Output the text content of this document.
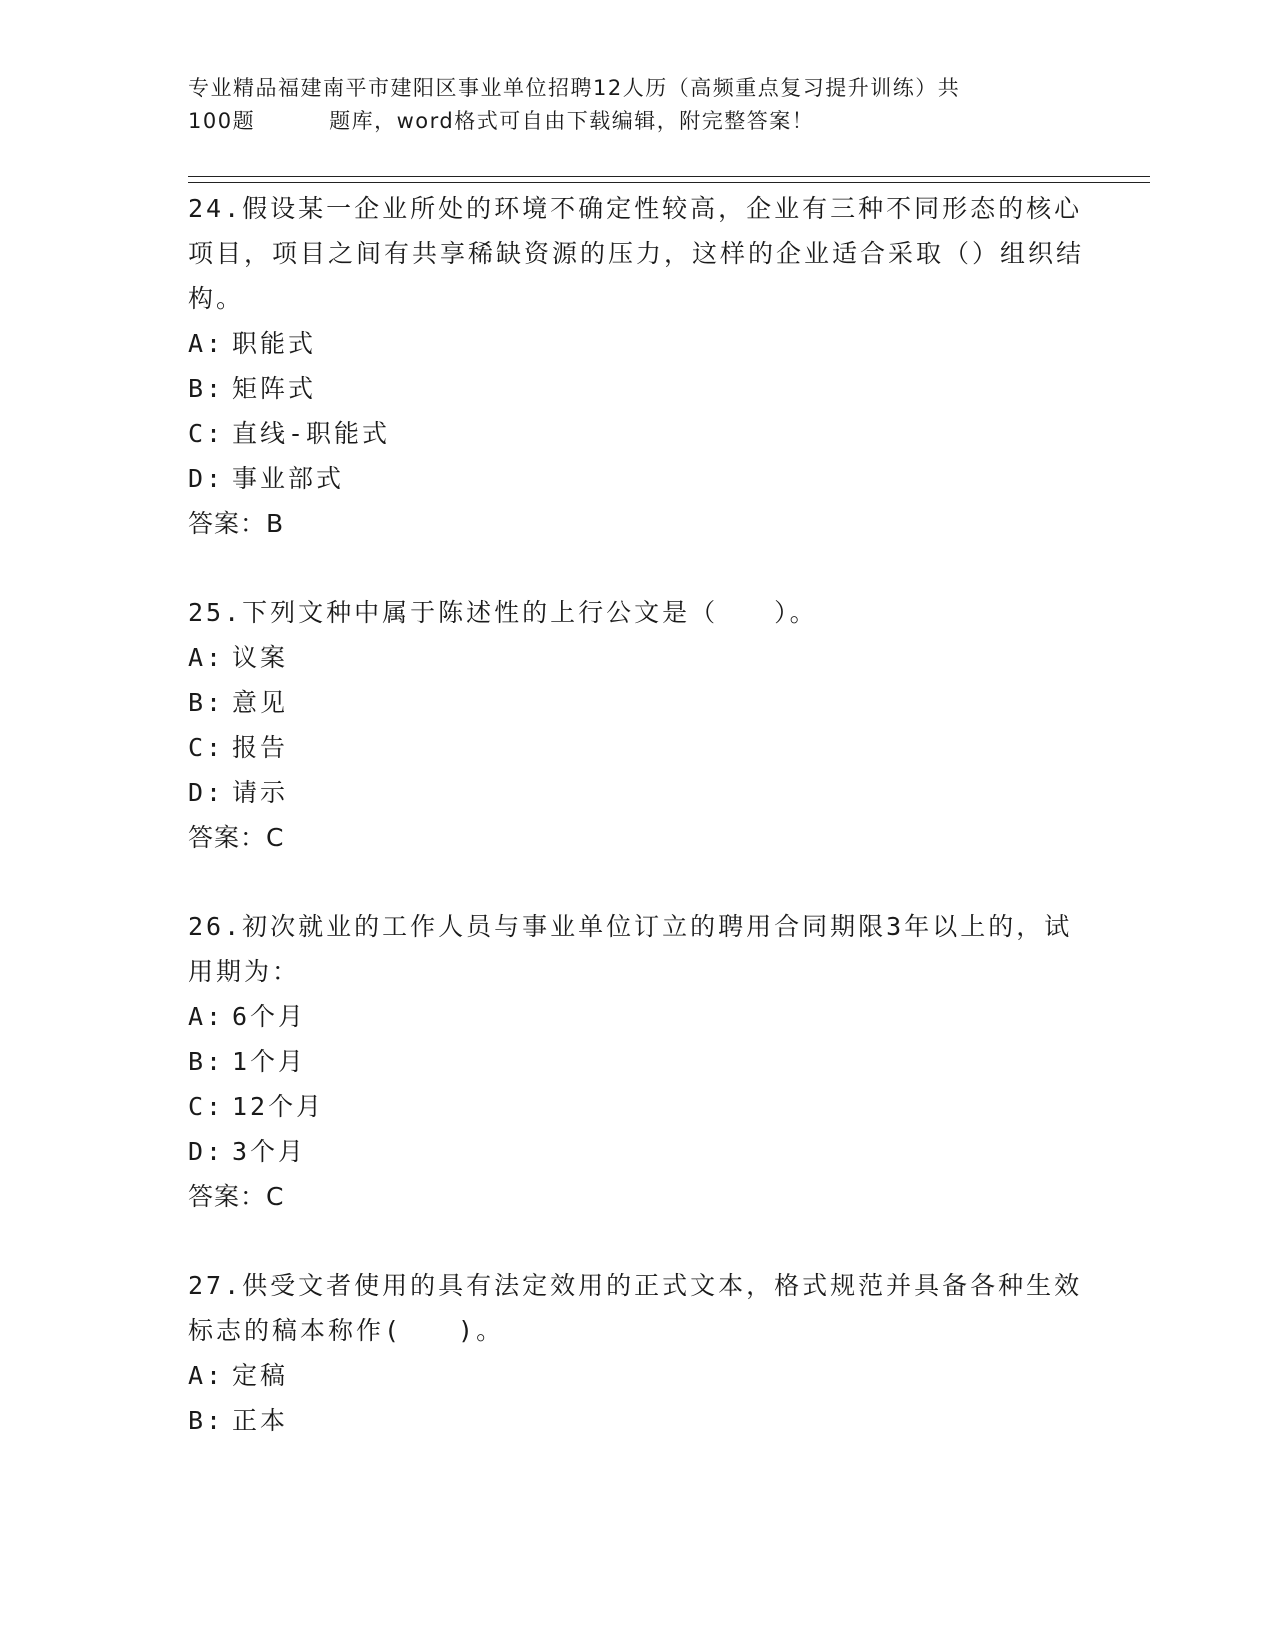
专业精品福建南平市建阳区事业单位招聘12人历（高频重点复习提升训练）共
100题	题库，word格式可自由下载编辑，附完整答案！

24.假设某一企业所处的环境不确定性较高，企业有三种不同形态的核心项目，项目之间有共享稀缺资源的压力，这样的企业适合采取（）组织结构。

A: 职能式

B: 矩阵式

C: 直线-职能式

D: 事业部式

答案：B

25.下列文种中属于陈述性的上行公文是（　　）。

A: 议案

B: 意见

C: 报告

D: 请示

答案：C

26.初次就业的工作人员与事业单位订立的聘用合同期限3年以上的，试用期为：

A: 6个月

B: 1个月

C: 12个月

D: 3个月

答案：C

27.供受文者使用的具有法定效用的正式文本，格式规范并具备各种生效标志的稿本称作(　　)。

A: 定稿

B: 正本
